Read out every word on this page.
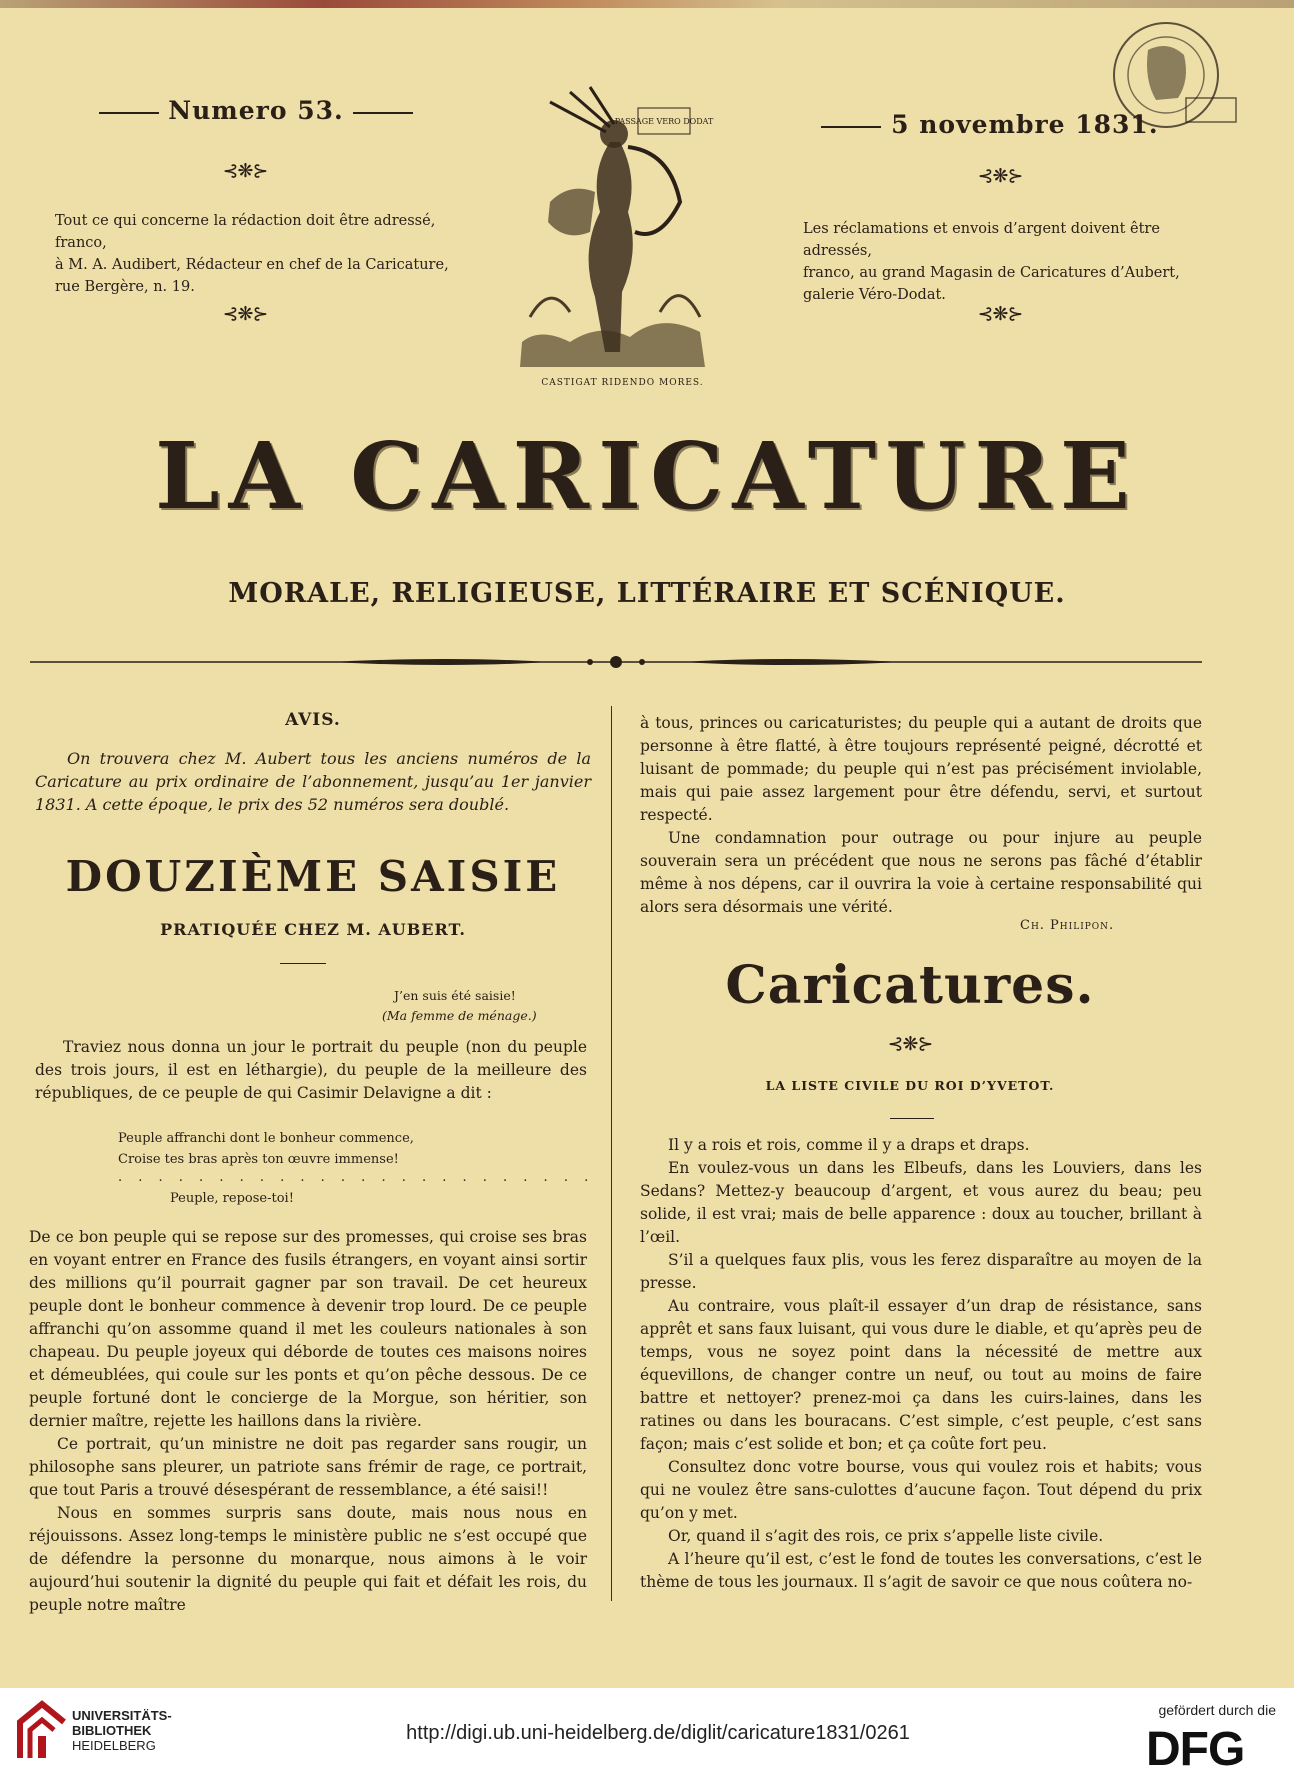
Numero 53.	5 novembre 1831.
⊰❋⊱	⊰❋⊱
Tout ce qui concerne la rédaction doit être adressé, franco,
à M. A. Audibert, Rédacteur en chef de la Caricature,
rue Bergère, n. 19.
Les réclamations et envois d’argent doivent être adressés,
franco, au grand Magasin de Caricatures d’Aubert,
galerie Véro-Dodat.
⊰❋⊱	⊰❋⊱
PASSAGE VERO DODAT
CASTIGAT RIDENDO MORES.
LA CARICATURE
MORALE, RELIGIEUSE, LITTÉRAIRE ET SCÉNIQUE.
AVIS.
On trouvera chez M. Aubert tous les anciens numéros de la Caricature au prix ordinaire de l’abonnement, jusqu’au 1er janvier 1831. A cette époque, le prix des 52 numéros sera doublé.
DOUZIÈME SAISIE
PRATIQUÉE CHEZ M. AUBERT.
J’en suis été saisie!
(Ma femme de ménage.)

Traviez nous donna un jour le portrait du peuple (non du peuple des trois jours, il est en léthargie), du peuple de la meilleure des républiques, de ce peuple de qui Casimir Delavigne a dit :

Peuple affranchi dont le bonheur commence,
Croise tes bras après ton œuvre immense!
. . . . . . . . . . . . . . . . . . . . . . . .
Peuple, repose-toi!

De ce bon peuple qui se repose sur des promesses, qui croise ses bras en voyant entrer en France des fusils étrangers, en voyant ainsi sortir des millions qu’il pourrait gagner par son travail. De cet heureux peuple dont le bonheur commence à devenir trop lourd. De ce peuple affranchi qu’on assomme quand il met les couleurs nationales à son chapeau. Du peuple joyeux qui déborde de toutes ces maisons noires et démeublées, qui coule sur les ponts et qu’on pêche dessous. De ce peuple fortuné dont le concierge de la Morgue, son héritier, son dernier maître, rejette les haillons dans la rivière.

Ce portrait, qu’un ministre ne doit pas regarder sans rougir, un philosophe sans pleurer, un patriote sans frémir de rage, ce portrait, que tout Paris a trouvé désespérant de ressemblance, a été saisi!!

Nous en sommes surpris sans doute, mais nous nous en réjouissons. Assez long-temps le ministère public ne s’est occupé que de défendre la personne du monarque, nous aimons à le voir aujourd’hui soutenir la dignité du peuple qui fait et défait les rois, du peuple notre maître

à tous, princes ou caricaturistes; du peuple qui a autant de droits que personne à être flatté, à être toujours représenté peigné, décrotté et luisant de pommade; du peuple qui n’est pas précisément inviolable, mais qui paie assez largement pour être défendu, servi, et surtout respecté.

Une condamnation pour outrage ou pour injure au peuple souverain sera un précédent que nous ne serons pas fâché d’établir même à nos dépens, car il ouvrira la voie à certaine responsabilité qui alors sera désormais une vérité.

Ch. Philipon.
Caricatures.
⊰❋⊱
LA LISTE CIVILE DU ROI D’YVETOT.

Il y a rois et rois, comme il y a draps et draps.

En voulez-vous un dans les Elbeufs, dans les Louviers, dans les Sedans? Mettez-y beaucoup d’argent, et vous aurez du beau; peu solide, il est vrai; mais de belle apparence : doux au toucher, brillant à l’œil.

S’il a quelques faux plis, vous les ferez disparaître au moyen de la presse.

Au contraire, vous plaît-il essayer d’un drap de résistance, sans apprêt et sans faux luisant, qui vous dure le diable, et qu’après peu de temps, vous ne soyez point dans la nécessité de mettre aux équevillons, de changer contre un neuf, ou tout au moins de faire battre et nettoyer? prenez-moi ça dans les cuirs-laines, dans les ratines ou dans les bouracans. C’est simple, c’est peuple, c’est sans façon; mais c’est solide et bon; et ça coûte fort peu.

Consultez donc votre bourse, vous qui voulez rois et habits; vous qui ne voulez être sans-culottes d’aucune façon. Tout dépend du prix qu’on y met.

Or, quand il s’agit des rois, ce prix s’appelle liste civile.

A l’heure qu’il est, c’est le fond de toutes les conversations, c’est le thème de tous les journaux. Il s’agit de savoir ce que nous coûtera no-

UNIVERSITÄTS-
BIBLIOTHEK
HEIDELBERG
http://digi.ub.uni-heidelberg.de/diglit/caricature1831/0261
gefördert durch die
DFG
